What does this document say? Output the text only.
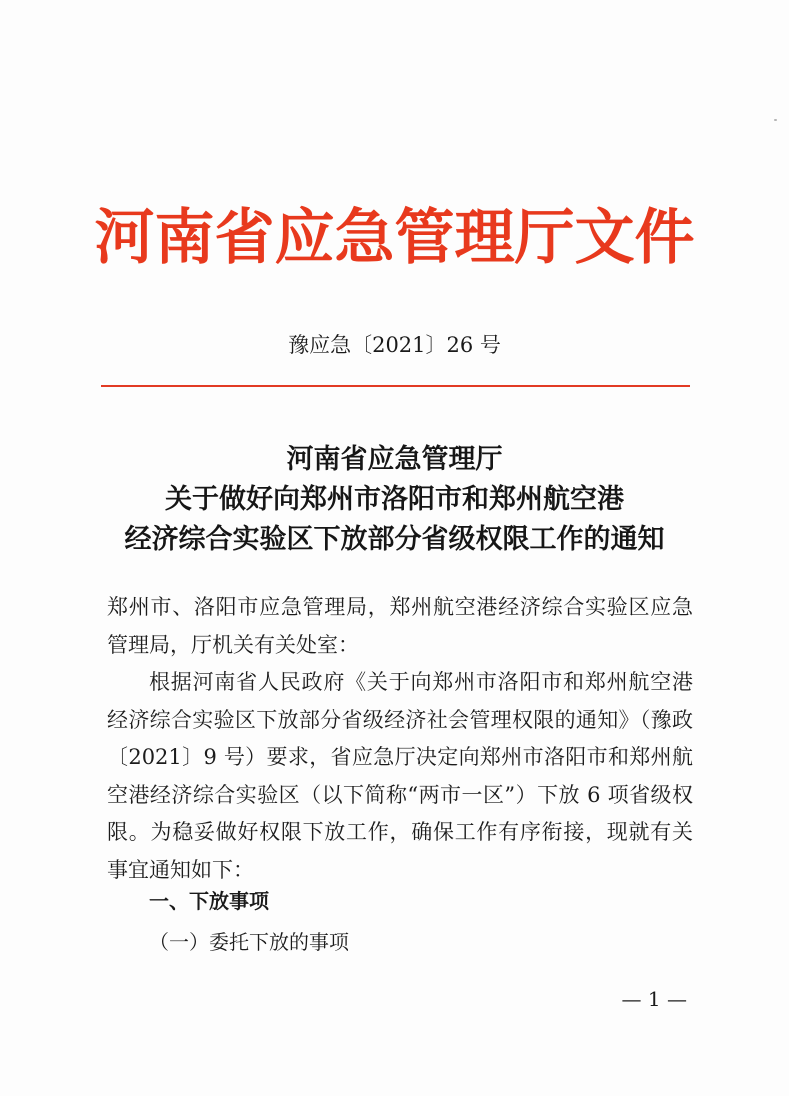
河南省应急管理厅文件
豫应急〔2021〕26 号
河南省应急管理厅
关于做好向郑州市洛阳市和郑州航空港
经济综合实验区下放部分省级权限工作的通知

郑州市、洛阳市应急管理局，郑州航空港经济综合实验区应急管理局，厅机关有关处室：

根据河南省人民政府《关于向郑州市洛阳市和郑州航空港经济综合实验区下放部分省级经济社会管理权限的通知》（豫政〔2021〕9 号）要求，省应急厅决定向郑州市洛阳市和郑州航空港经济综合实验区（以下简称“两市一区”）下放 6 项省级权限。为稳妥做好权限下放工作，确保工作有序衔接，现就有关事宜通知如下：

一、下放事项
（一）委托下放的事项
— 1 —
